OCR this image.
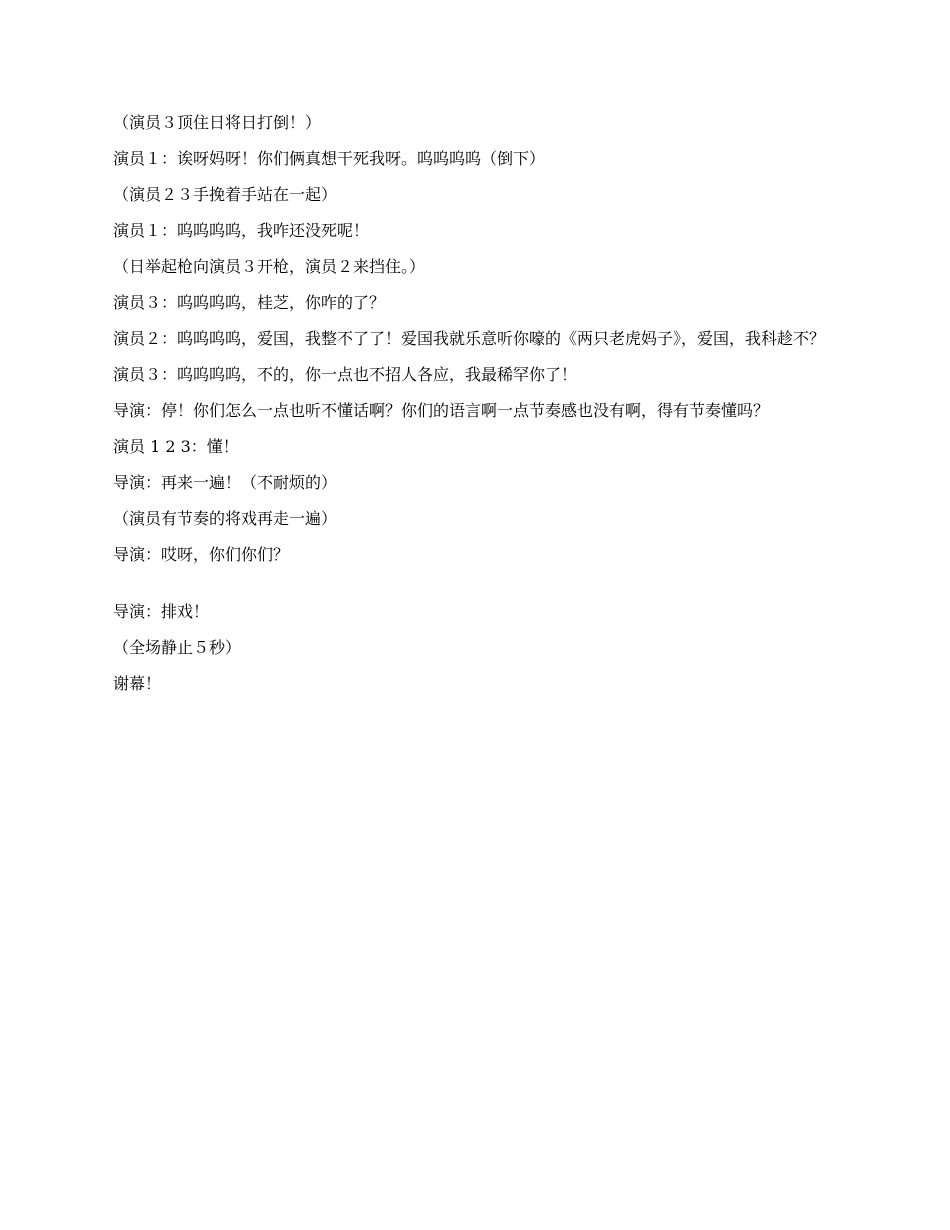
（演员３顶住日将日打倒！）

演员１：诶呀妈呀！你们俩真想干死我呀。呜呜呜呜（倒下）

（演员２３手挽着手站在一起）

演员１：呜呜呜呜，我咋还没死呢！

（日举起枪向演员３开枪，演员２来挡住。）

演员３：呜呜呜呜，桂芝，你咋的了？

演员２：呜呜呜呜，爱国，我整不了了！爱国我就乐意听你嚎的《两只老虎妈子》，爱国，我科趁不？

演员３：呜呜呜呜，不的，你一点也不招人各应，我最稀罕你了！

导演：停！你们怎么一点也听不懂话啊？你们的语言啊一点节奏感也没有啊，得有节奏懂吗？

演员 1 2 3：懂！

导演：再来一遍！（不耐烦的）

（演员有节奏的将戏再走一遍）

导演：哎呀，你们你们？

导演：排戏！

（全场静止５秒）

谢幕！
